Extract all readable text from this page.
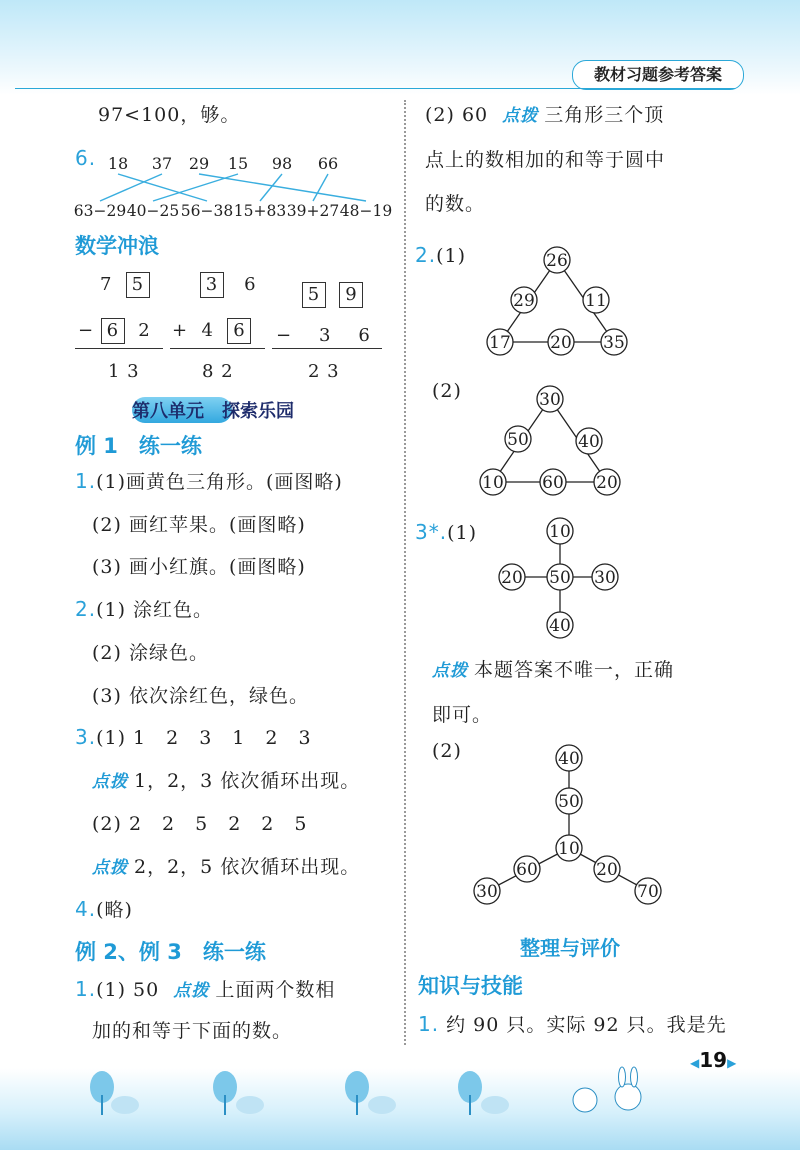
教材习题参考答案
97<100，够。
6. 18 37 29 15 98 66
63−29 40−25 56−38 15+83 39+27 48−19
数学冲浪
7 5
− 6 2
1 3
3 6
+ 4 6
8 2
5 9
− 3 6
2 3
第八单元　探索乐园
例 1　练一练
1.(1)画黄色三角形。(画图略)
(2) 画红苹果。(画图略)
(3) 画小红旗。(画图略)
2.(1) 涂红色。
(2) 涂绿色。
(3) 依次涂红色，绿色。
3.(1) 1　2　3　1　2　3
点拨 1，2，3 依次循环出现。
(2) 2　2　5　2　2　5
点拨 2，2，5 依次循环出现。
4.(略)
例 2、例 3　练一练
1.(1) 50 点拨 上面两个数相
加的和等于下面的数。
(2) 60 点拨 三角形三个顶
点上的数相加的和等于圆中
的数。
2.(1)	26
29	11
17 20 35
(2)	30
50	40
10 60 20
3*.(1)	10
20 50 30
40
点拨 本题答案不唯一，正确
即可。
(2)	40
50
10
60	20
30	70
整理与评价
知识与技能
1. 约 90 只。实际 92 只。我是先
◀19▶
